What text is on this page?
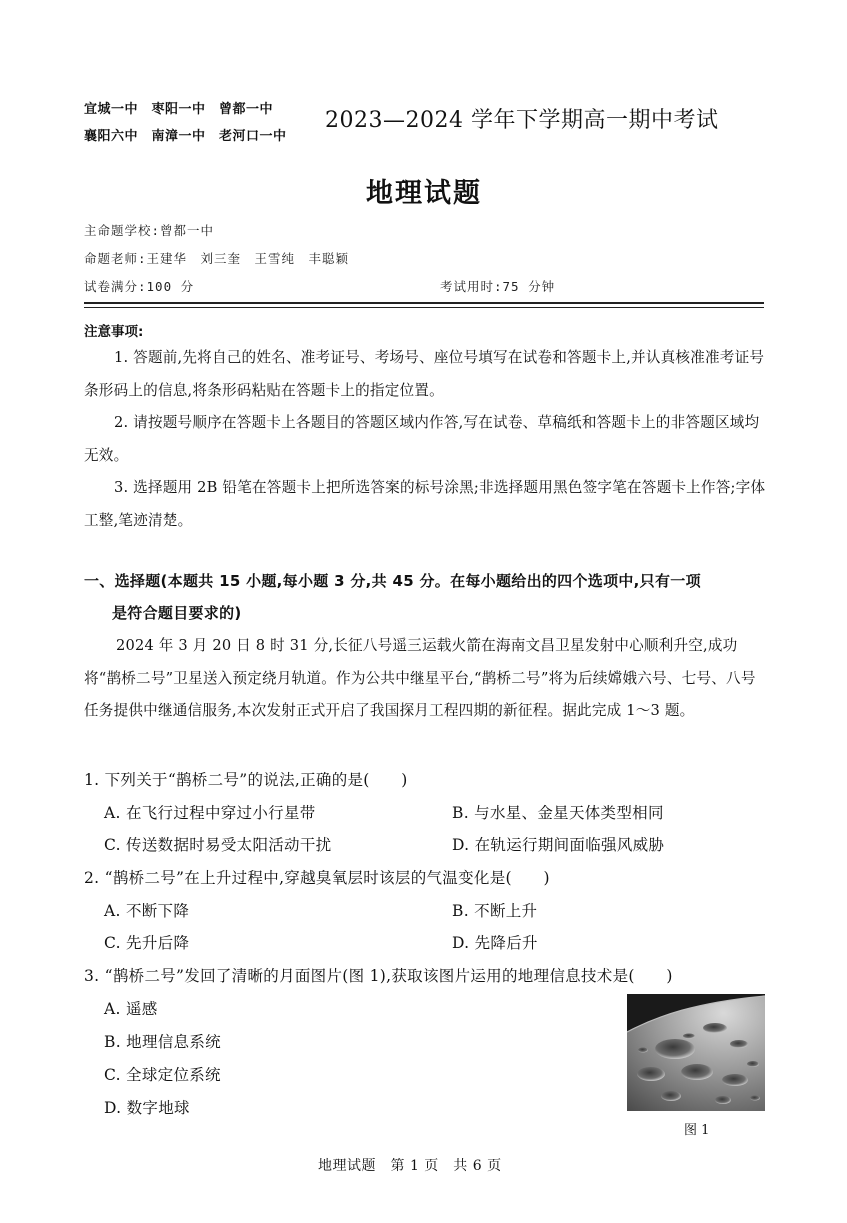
宜城一中　枣阳一中　曾都一中
襄阳六中　南漳一中　老河口一中
2023—2024 学年下学期高一期中考试
地理试题
主命题学校:曾都一中
命题老师:王建华　刘三奎　王雪纯　丰聪颖
试卷满分:100 分	考试用时:75 分钟
注意事项:
1. 答题前,先将自己的姓名、准考证号、考场号、座位号填写在试卷和答题卡上,并认真核准准考证号条形码上的信息,将条形码粘贴在答题卡上的指定位置。
2. 请按题号顺序在答题卡上各题目的答题区域内作答,写在试卷、草稿纸和答题卡上的非答题区域均无效。
3. 选择题用 2B 铅笔在答题卡上把所选答案的标号涂黑;非选择题用黑色签字笔在答题卡上作答;字体工整,笔迹清楚。
一、选择题(本题共 15 小题,每小题 3 分,共 45 分。在每小题给出的四个选项中,只有一项
是符合题目要求的)
2024 年 3 月 20 日 8 时 31 分,长征八号遥三运载火箭在海南文昌卫星发射中心顺利升空,成功将“鹊桥二号”卫星送入预定绕月轨道。作为公共中继星平台,“鹊桥二号”将为后续嫦娥六号、七号、八号任务提供中继通信服务,本次发射正式开启了我国探月工程四期的新征程。据此完成 1～3 题。
1. 下列关于“鹊桥二号”的说法,正确的是(　　)
A. 在飞行过程中穿过小行星带	B. 与水星、金星天体类型相同
C. 传送数据时易受太阳活动干扰	D. 在轨运行期间面临强风威胁
2. “鹊桥二号”在上升过程中,穿越臭氧层时该层的气温变化是(　　)
A. 不断下降	B. 不断上升
C. 先升后降	D. 先降后升
3. “鹊桥二号”发回了清晰的月面图片(图 1),获取该图片运用的地理信息技术是(　　)
A. 遥感
B. 地理信息系统
C. 全球定位系统
D. 数字地球
图 1
地理试题　第 1 页　共 6 页
